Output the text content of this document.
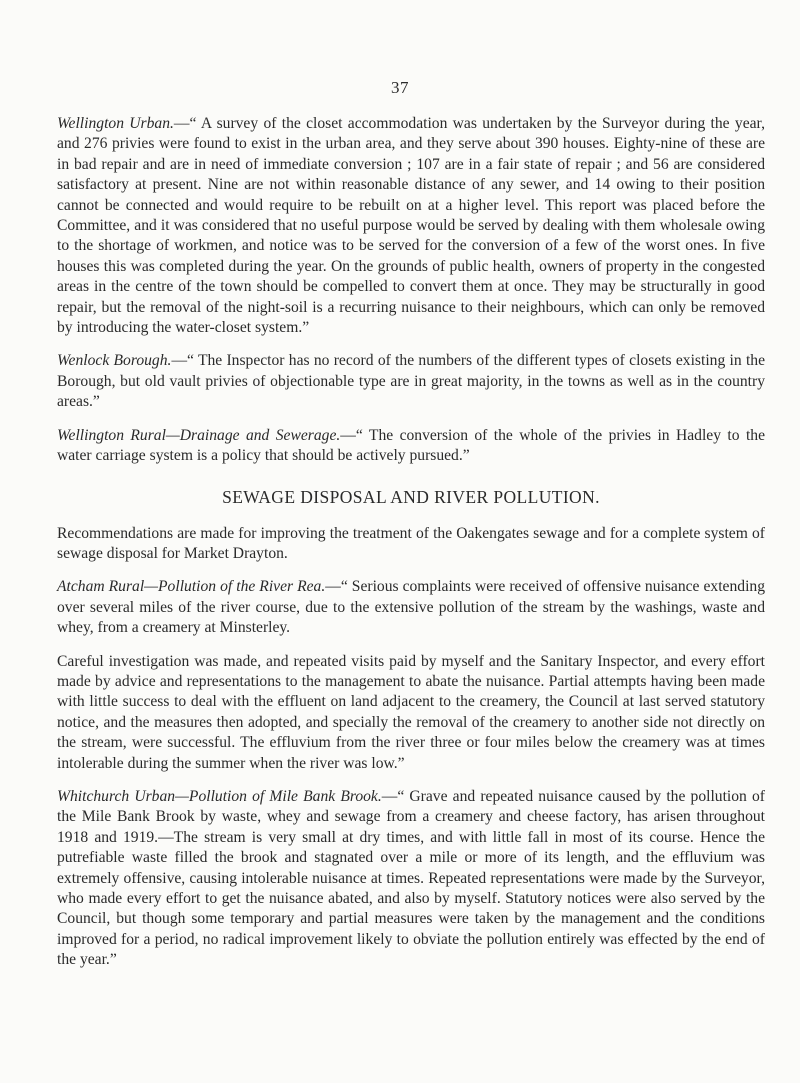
37

Wellington Urban.—“ A survey of the closet accommodation was undertaken by the Surveyor during the year, and 276 privies were found to exist in the urban area, and they serve about 390 houses. Eighty-nine of these are in bad repair and are in need of immediate conversion ; 107 are in a fair state of repair ; and 56 are considered satisfactory at present. Nine are not within reasonable distance of any sewer, and 14 owing to their position cannot be connected and would require to be rebuilt on at a higher level. This report was placed before the Committee, and it was considered that no useful purpose would be served by dealing with them wholesale owing to the shortage of workmen, and notice was to be served for the conversion of a few of the worst ones. In five houses this was completed during the year. On the grounds of public health, owners of property in the congested areas in the centre of the town should be compelled to convert them at once. They may be structurally in good repair, but the removal of the night-soil is a recurring nuisance to their neighbours, which can only be removed by introducing the water-closet system.”

Wenlock Borough.—“ The Inspector has no record of the numbers of the different types of closets existing in the Borough, but old vault privies of objectionable type are in great majority, in the towns as well as in the country areas.”

Wellington Rural—Drainage and Sewerage.—“ The conversion of the whole of the privies in Hadley to the water carriage system is a policy that should be actively pursued.”

SEWAGE DISPOSAL AND RIVER POLLUTION.

Recommendations are made for improving the treatment of the Oakengates sewage and for a complete system of sewage disposal for Market Drayton.

Atcham Rural—Pollution of the River Rea.—“ Serious complaints were received of offensive nuisance extending over several miles of the river course, due to the extensive pollution of the stream by the washings, waste and whey, from a creamery at Minsterley.

Careful investigation was made, and repeated visits paid by myself and the Sanitary Inspector, and every effort made by advice and representations to the management to abate the nuisance. Partial attempts having been made with little success to deal with the effluent on land adjacent to the creamery, the Council at last served statutory notice, and the measures then adopted, and specially the removal of the creamery to another side not directly on the stream, were successful. The effluvium from the river three or four miles below the creamery was at times intolerable during the summer when the river was low.”

Whitchurch Urban—Pollution of Mile Bank Brook.—“ Grave and repeated nuisance caused by the pollution of the Mile Bank Brook by waste, whey and sewage from a creamery and cheese factory, has arisen throughout 1918 and 1919.—The stream is very small at dry times, and with little fall in most of its course. Hence the putrefiable waste filled the brook and stagnated over a mile or more of its length, and the effluvium was extremely offensive, causing intolerable nuisance at times. Repeated representations were made by the Surveyor, who made every effort to get the nuisance abated, and also by myself. Statutory notices were also served by the Council, but though some temporary and partial measures were taken by the management and the conditions improved for a period, no radical improvement likely to obviate the pollution entirely was effected by the end of the year.”
